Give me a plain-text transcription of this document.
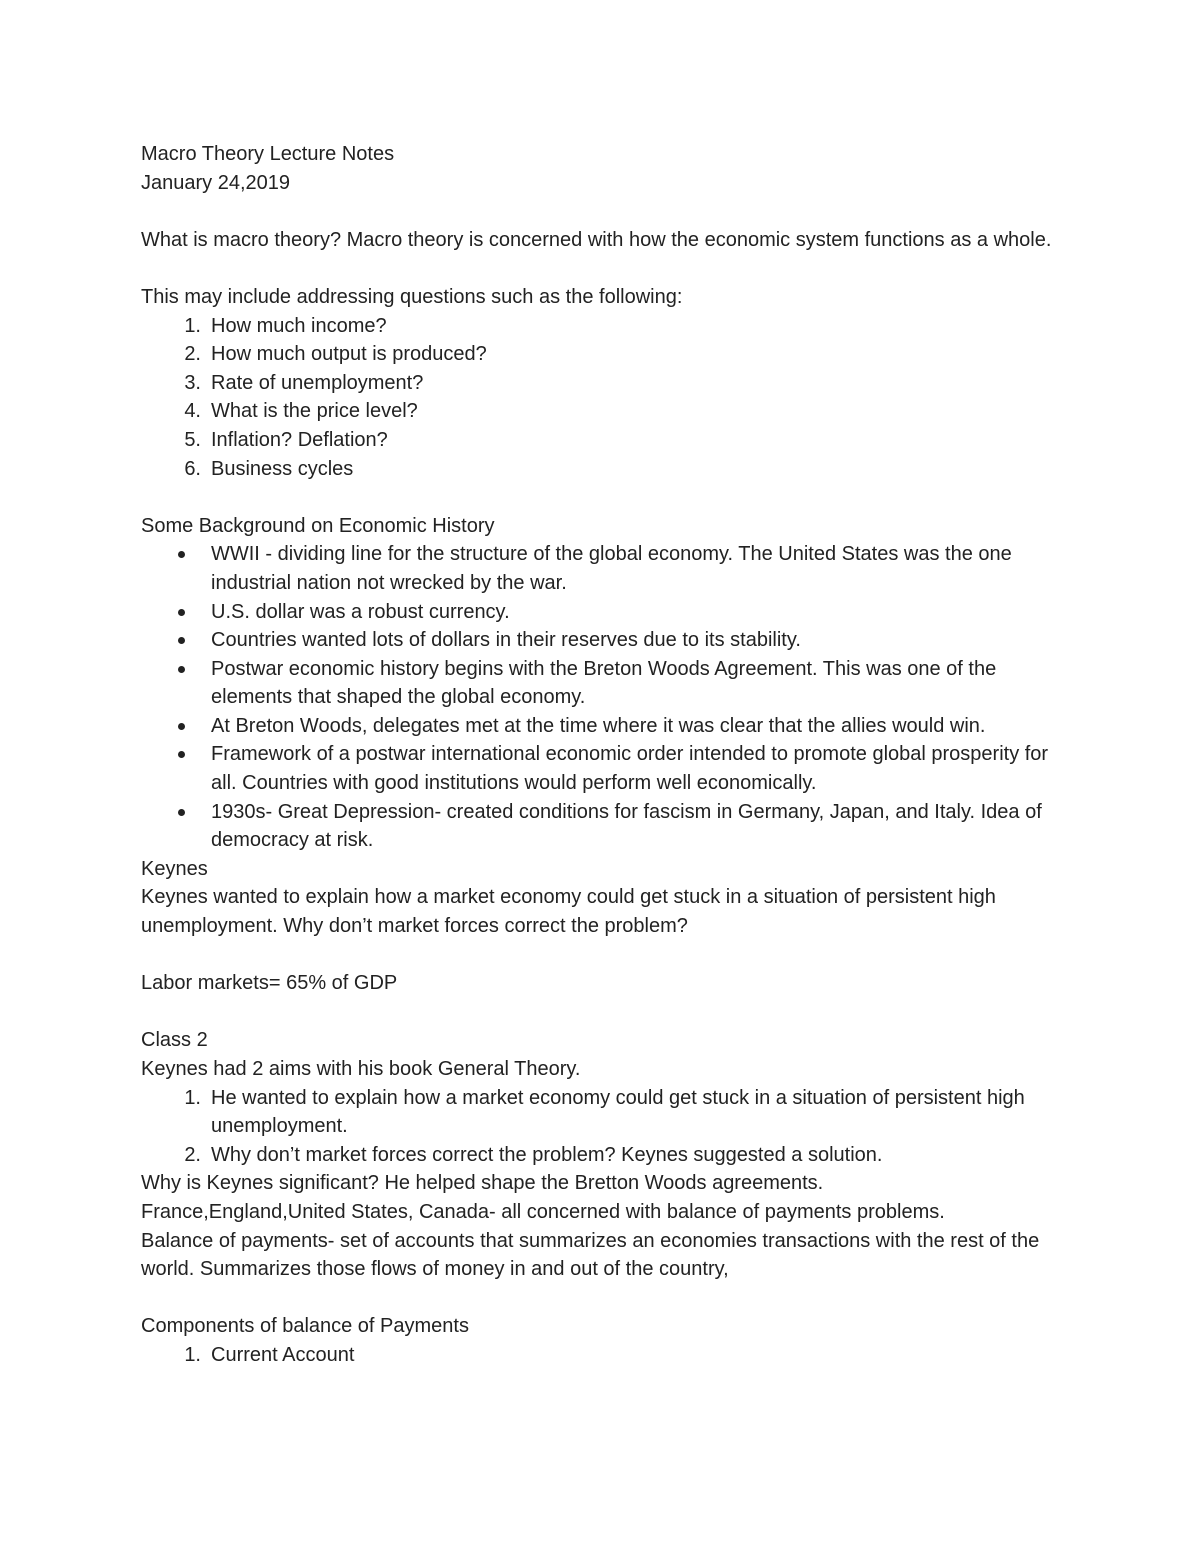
Macro Theory Lecture Notes
January 24,2019
What is macro theory? Macro theory is concerned with how the economic system functions as a whole.
This may include addressing questions such as the following:
1. How much income?
2. How much output is produced?
3. Rate of unemployment?
4. What is the price level?
5. Inflation? Deflation?
6. Business cycles
Some Background on Economic History
WWII - dividing line for the structure of the global economy. The United States was the one industrial nation not wrecked by the war.
U.S. dollar was a robust currency.
Countries wanted lots of dollars in their reserves due to its stability.
Postwar economic history begins with the Breton Woods Agreement. This was one of the elements that shaped the global economy.
At Breton Woods, delegates met at the time where it was clear that the allies would win.
Framework of a postwar international economic order intended to promote global prosperity for all. Countries with good institutions would perform well economically.
1930s- Great Depression- created conditions for fascism in Germany, Japan, and Italy. Idea of democracy at risk.
Keynes
Keynes wanted to explain how a market economy could get stuck in a situation of persistent high unemployment. Why don’t market forces correct the problem?
Labor markets= 65% of GDP
Class 2
Keynes had 2 aims with his book General Theory.
1. He wanted to explain how a market economy could get stuck in a situation of persistent high unemployment.
2. Why don’t market forces correct the problem? Keynes suggested a solution.
Why is Keynes significant? He helped shape the Bretton Woods agreements.
France,England,United States, Canada- all concerned with balance of payments problems.
Balance of payments- set of accounts that summarizes an economies transactions with the rest of the world. Summarizes those flows of money in and out of the country,
Components of balance of Payments
1. Current Account
